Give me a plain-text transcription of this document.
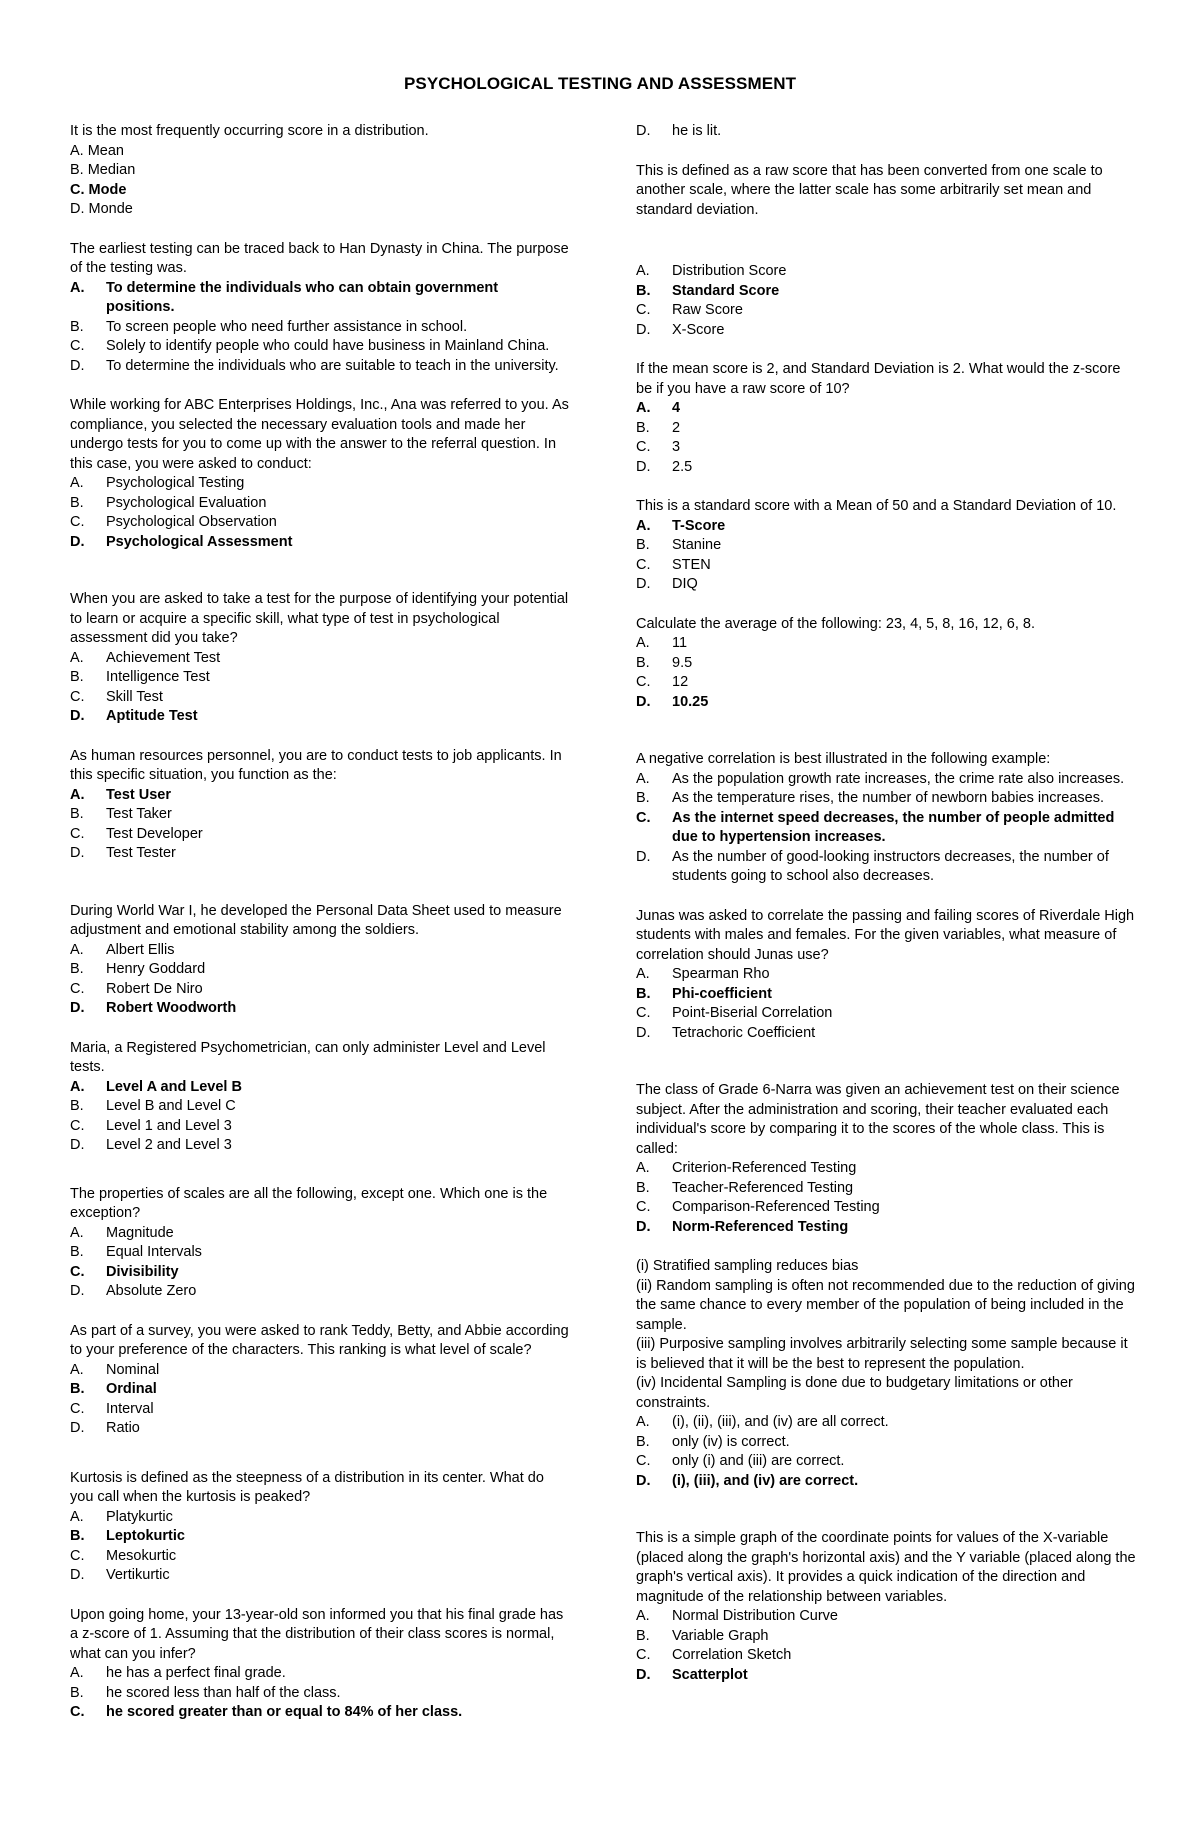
PSYCHOLOGICAL TESTING AND ASSESSMENT

It is the most frequently occurring score in a distribution.

A. Mean
B. Median
C. Mode
D. Monde

The earliest testing can be traced back to Han Dynasty in China. The purpose of the testing was.

A.	To determine the individuals who can obtain government positions.
B.	To screen people who need further assistance in school.
C.	Solely to identify people who could have business in Mainland China.
D.	To determine the individuals who are suitable to teach in the university.

While working for ABC Enterprises Holdings, Inc., Ana was referred to you. As compliance, you selected the necessary evaluation tools and made her undergo tests for you to come up with the answer to the referral question. In this case, you were asked to conduct:

A.	Psychological Testing
B.	Psychological Evaluation
C.	Psychological Observation
D.	Psychological Assessment

When you are asked to take a test for the purpose of identifying your potential to learn or acquire a specific skill, what type of test in psychological assessment did you take?

A.	Achievement Test
B.	Intelligence Test
C.	Skill Test
D.	Aptitude Test

As human resources personnel, you are to conduct tests to job applicants. In this specific situation, you function as the:

A.	Test User
B.	Test Taker
C.	Test Developer
D.	Test Tester

During World War I, he developed the Personal Data Sheet used to measure adjustment and emotional stability among the soldiers.

A.	Albert Ellis
B.	Henry Goddard
C.	Robert De Niro
D.	Robert Woodworth

Maria, a Registered Psychometrician, can only administer Level and Level tests.

A.	Level A and Level B
B.	Level B and Level C
C.	Level 1 and Level 3
D.	Level 2 and Level 3

The properties of scales are all the following, except one. Which one is the exception?

A.	Magnitude
B.	Equal Intervals
C.	Divisibility
D.	Absolute Zero

As part of a survey, you were asked to rank Teddy, Betty, and Abbie according to your preference of the characters. This ranking is what level of scale?

A.	Nominal
B.	Ordinal
C.	Interval
D.	Ratio

Kurtosis is defined as the steepness of a distribution in its center. What do you call when the kurtosis is peaked?

A.	Platykurtic
B.	Leptokurtic
C.	Mesokurtic
D.	Vertikurtic

Upon going home, your 13-year-old son informed you that his final grade has a z-score of 1. Assuming that the distribution of their class scores is normal, what can you infer?

A.	he has a perfect final grade.
B.	he scored less than half of the class.
C.	he scored greater than or equal to 84% of her class.
D.	he is lit.

This is defined as a raw score that has been converted from one scale to another scale, where the latter scale has some arbitrarily set mean and standard deviation.

A.	Distribution Score
B.	Standard Score
C.	Raw Score
D.	X-Score

If the mean score is 2, and Standard Deviation is 2. What would the z-score be if you have a raw score of 10?

A.	4
B.	2
C.	3
D.	2.5

This is a standard score with a Mean of 50 and a Standard Deviation of 10.

A.	T-Score
B.	Stanine
C.	STEN
D.	DIQ

Calculate the average of the following: 23, 4, 5, 8, 16, 12, 6, 8.

A.	11
B.	9.5
C.	12
D.	10.25

A negative correlation is best illustrated in the following example:

A.	As the population growth rate increases, the crime rate also increases.
B.	As the temperature rises, the number of newborn babies increases.
C.	As the internet speed decreases, the number of people admitted due to hypertension increases.
D.	As the number of good-looking instructors decreases, the number of students going to school also decreases.

Junas was asked to correlate the passing and failing scores of Riverdale High students with males and females. For the given variables, what measure of correlation should Junas use?

A.	Spearman Rho
B.	Phi-coefficient
C.	Point-Biserial Correlation
D.	Tetrachoric Coefficient

The class of Grade 6-Narra was given an achievement test on their science subject. After the administration and scoring, their teacher evaluated each individual's score by comparing it to the scores of the whole class. This is called:

A.	Criterion-Referenced Testing
B.	Teacher-Referenced Testing
C.	Comparison-Referenced Testing
D.	Norm-Referenced Testing

(i) Stratified sampling reduces bias

(ii) Random sampling is often not recommended due to the reduction of giving the same chance to every member of the population of being included in the sample.

(iii) Purposive sampling involves arbitrarily selecting some sample because it is believed that it will be the best to represent the population.

(iv) Incidental Sampling is done due to budgetary limitations or other constraints.

A.	(i), (ii), (iii), and (iv) are all correct.
B.	only (iv) is correct.
C.	only (i) and (iii) are correct.
D.	(i), (iii), and (iv) are correct.

This is a simple graph of the coordinate points for values of the X-variable (placed along the graph's horizontal axis) and the Y variable (placed along the graph's vertical axis). It provides a quick indication of the direction and magnitude of the relationship between variables.

A.	Normal Distribution Curve
B.	Variable Graph
C.	Correlation Sketch
D.	Scatterplot
